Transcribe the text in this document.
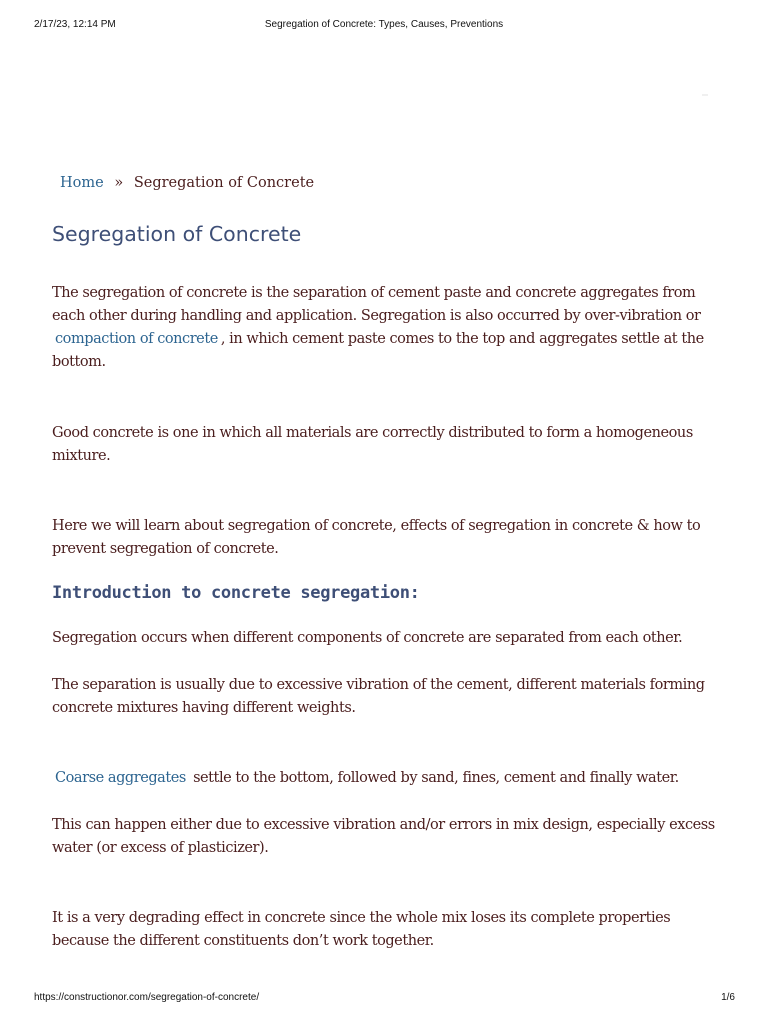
2/17/23, 12:14 PM	Segregation of Concrete: Types, Causes, Preventions
Home » Segregation of Concrete
Segregation of Concrete

The segregation of concrete is the separation of cement paste and concrete aggregates from each other during handling and application. Segregation is also occurred by over-vibration or
compaction of concrete , in which cement paste comes to the top and aggregates settle at the bottom.

Good concrete is one in which all materials are correctly distributed to form a homogeneous mixture.

Here we will learn about segregation of concrete, effects of segregation in concrete & how to prevent segregation of concrete.

Introduction to concrete segregation:

Segregation occurs when different components of concrete are separated from each other.

The separation is usually due to excessive vibration of the cement, different materials forming concrete mixtures having different weights.

Coarse aggregates settle to the bottom, followed by sand, fines, cement and finally water.

This can happen either due to excessive vibration and/or errors in mix design, especially excess water (or excess of plasticizer).

It is a very degrading effect in concrete since the whole mix loses its complete properties because the different constituents don’t work together.

https://constructionor.com/segregation-of-concrete/	1/6
